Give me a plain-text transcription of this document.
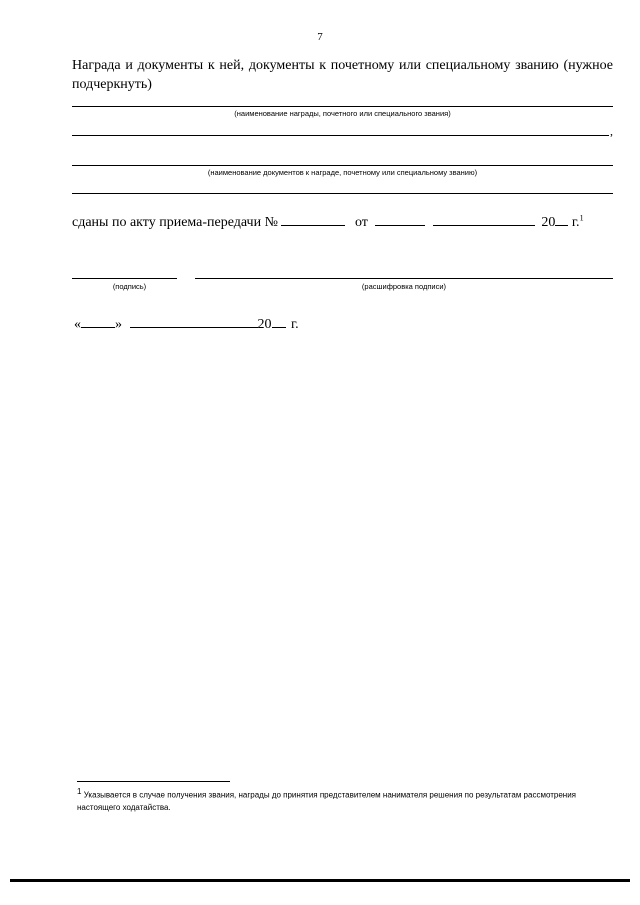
7
Награда и документы к ней, документы к почетному или специальному званию (нужное подчеркнуть)
(наименование награды, почетного или специального звания)
,
(наименование документов к награде, почетному или специальному званию)
сданы по акту приема-передачи №	от	20 г.$^1$
(подпись)	(расшифровка подписи)
« »	20 г.
1 Указывается в случае получения звания, награды до принятия представителем нанимателя решения по результатам рассмотрения настоящего ходатайства.
